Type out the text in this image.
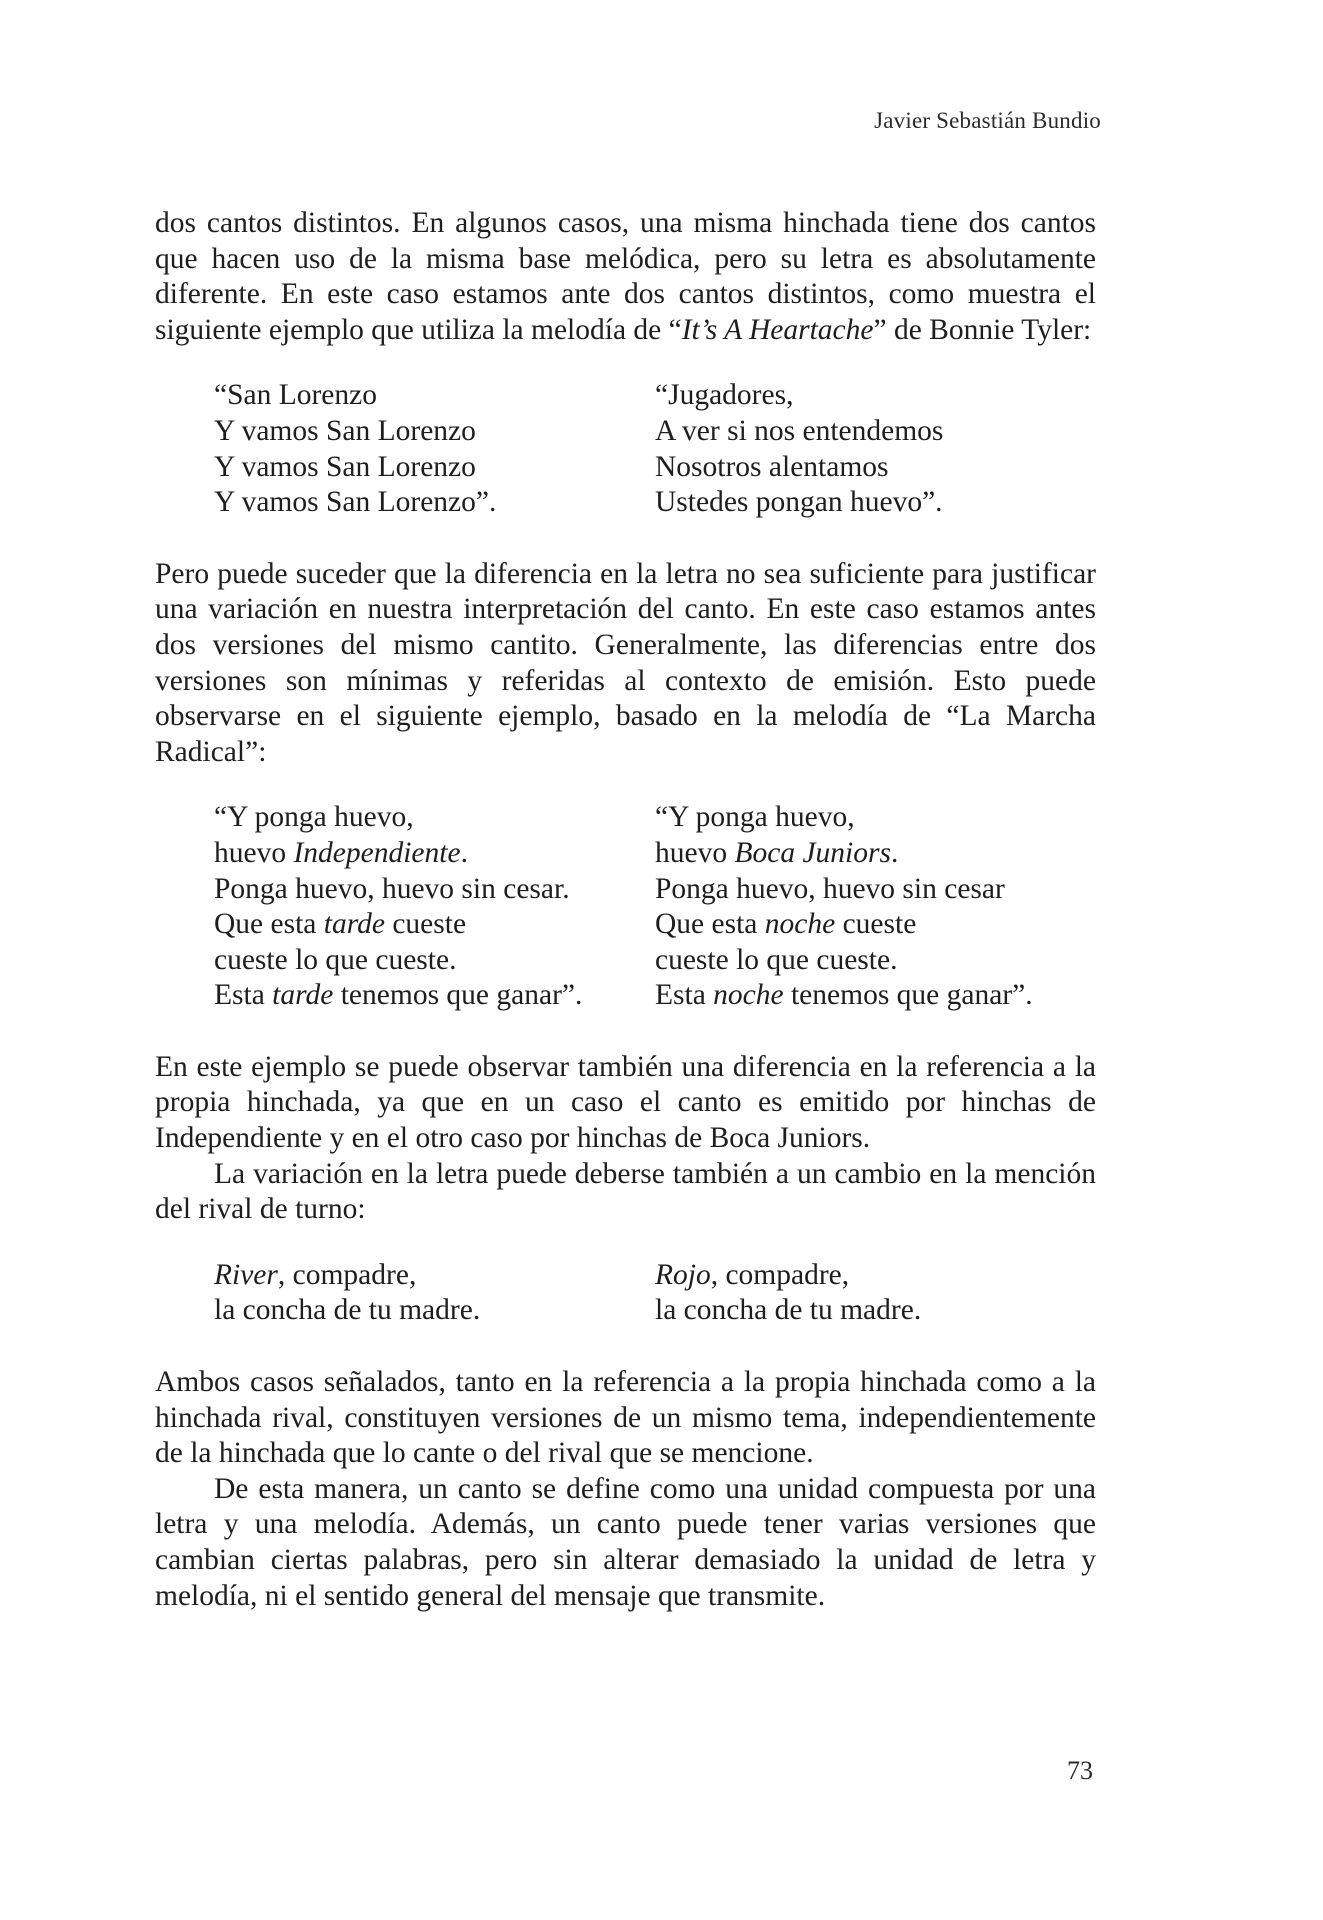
Javier Sebastián Bundio

dos cantos distintos. En algunos casos, una misma hinchada tiene dos cantos que hacen uso de la misma base melódica, pero su letra es absolutamente diferente. En este caso estamos ante dos cantos distintos, como muestra el siguiente ejemplo que utiliza la melodía de “It’s A Heartache” de Bonnie Tyler:

“San Lorenzo
Y vamos San Lorenzo
Y vamos San Lorenzo
Y vamos San Lorenzo”.
“Jugadores,
A ver si nos entendemos
Nosotros alentamos
Ustedes pongan huevo”.

Pero puede suceder que la diferencia en la letra no sea suficiente para justificar una variación en nuestra interpretación del canto. En este caso estamos antes dos versiones del mismo cantito. Generalmente, las diferencias entre dos versiones son mínimas y referidas al contexto de emisión. Esto puede observarse en el siguiente ejemplo, basado en la melodía de “La Marcha Radical”:

“Y ponga huevo,
huevo Independiente.
Ponga huevo, huevo sin cesar.
Que esta tarde cueste
cueste lo que cueste.
Esta tarde tenemos que ganar”.
“Y ponga huevo,
huevo Boca Juniors.
Ponga huevo, huevo sin cesar
Que esta noche cueste
cueste lo que cueste.
Esta noche tenemos que ganar”.

En este ejemplo se puede observar también una diferencia en la referencia a la propia hinchada, ya que en un caso el canto es emitido por hinchas de Independiente y en el otro caso por hinchas de Boca Juniors.

La variación en la letra puede deberse también a un cambio en la mención del rival de turno:

River, compadre,
la concha de tu madre.
Rojo, compadre,
la concha de tu madre.

Ambos casos señalados, tanto en la referencia a la propia hinchada como a la hinchada rival, constituyen versiones de un mismo tema, independientemente de la hinchada que lo cante o del rival que se mencione.

De esta manera, un canto se define como una unidad compuesta por una letra y una melodía. Además, un canto puede tener varias versiones que cambian ciertas palabras, pero sin alterar demasiado la unidad de letra y melodía, ni el sentido general del mensaje que transmite.

73
